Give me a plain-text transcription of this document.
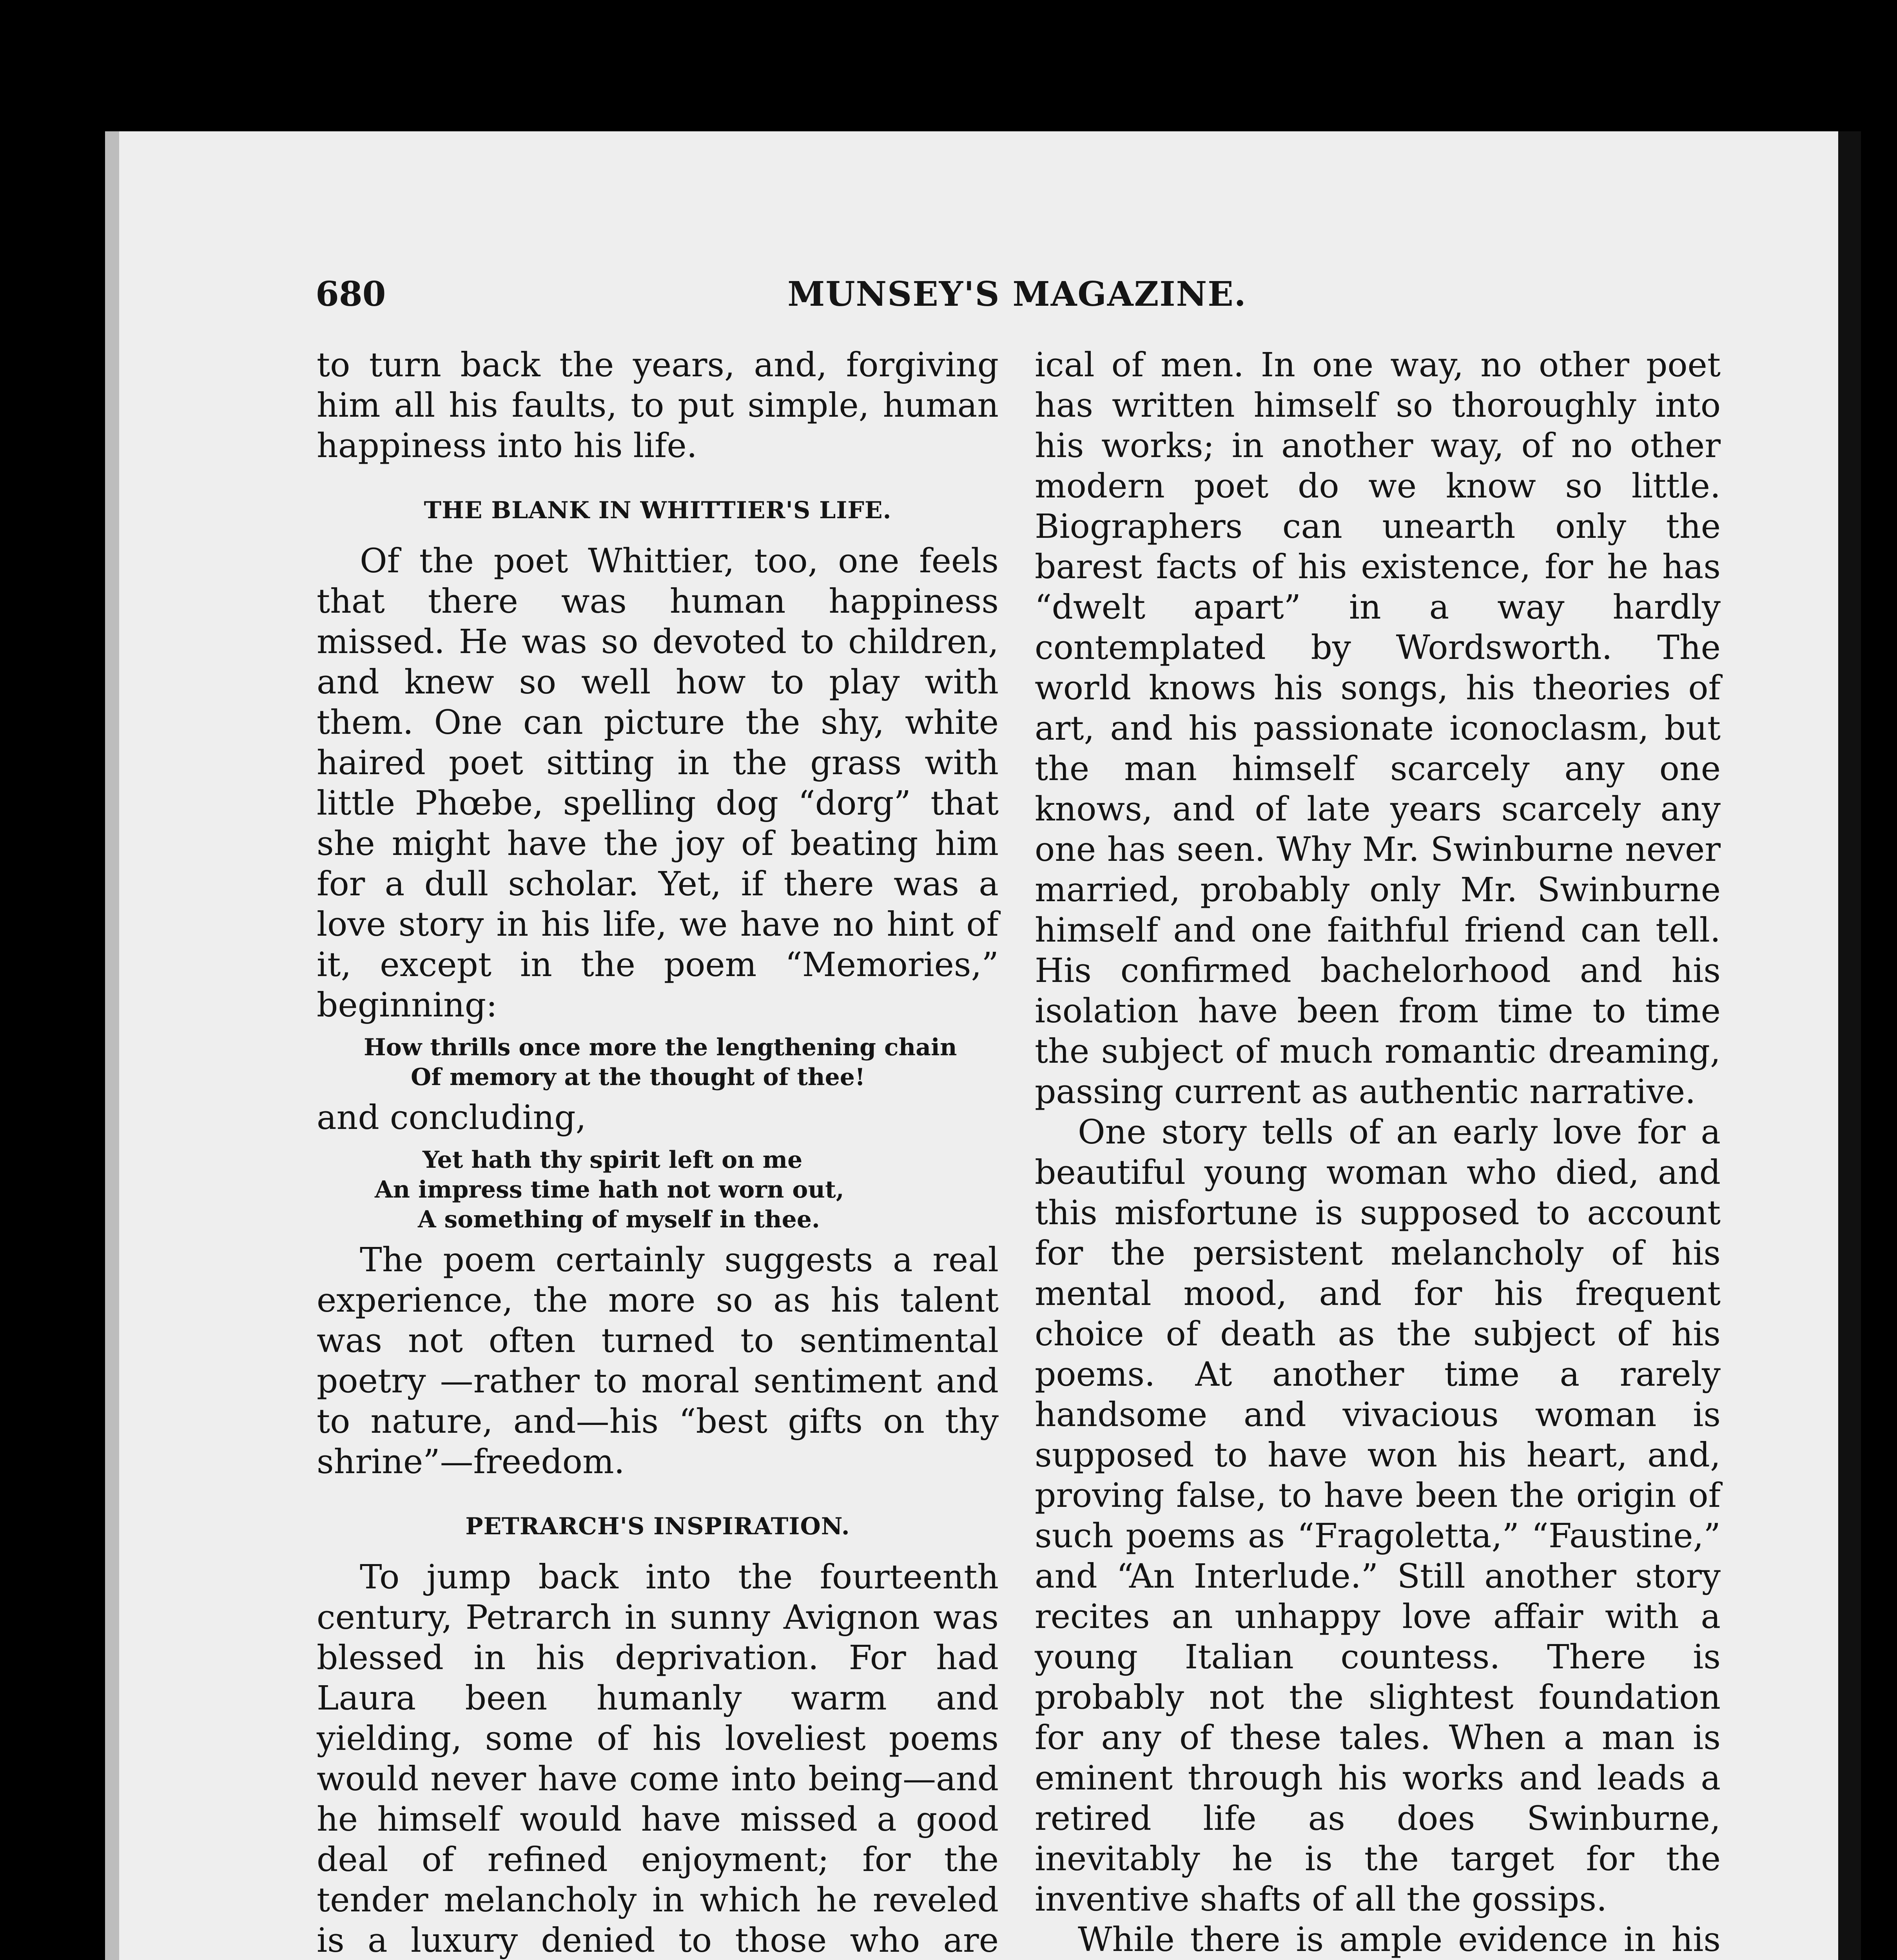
680	MUNSEY'S MAGAZINE.

to turn back the years, and, forgiving him all his faults, to put simple, human happiness into his life.

THE BLANK IN WHITTIER'S LIFE.

Of the poet Whittier, too, one feels that there was human happiness missed. He was so devoted to children, and knew so well how to play with them. One can picture the shy, white haired poet sitting in the grass with little Phœbe, spelling dog “dorg” that she might have the joy of beating him for a dull scholar. Yet, if there was a love story in his life, we have no hint of it, except in the poem “Memories,” beginning:

How thrills once more the lengthening chain
Of memory at the thought of thee!

and concluding,

Yet hath thy spirit left on me
An impress time hath not worn out,
A something of myself in thee.

The poem certainly suggests a real experience, the more so as his talent was not often turned to sentimental poetry —rather to moral sentiment and to nature, and—his “best gifts on thy shrine”—freedom.

PETRARCH'S INSPIRATION.

To jump back into the fourteenth century, Petrarch in sunny Avignon was blessed in his deprivation. For had Laura been humanly warm and yielding, some of his loveliest poems would never have come into being—and he himself would have missed a good deal of refined enjoyment; for the tender melancholy in which he reveled is a luxury denied to those who are

ical of men. In one way, no other poet has written himself so thoroughly into his works; in another way, of no other modern poet do we know so little. Biographers can unearth only the barest facts of his existence, for he has “dwelt apart” in a way hardly contemplated by Wordsworth. The world knows his songs, his theories of art, and his passionate iconoclasm, but the man himself scarcely any one knows, and of late years scarcely any one has seen. Why Mr. Swinburne never married, probably only Mr. Swinburne himself and one faithful friend can tell. His confirmed bachelorhood and his isolation have been from time to time the subject of much romantic dreaming, passing current as authentic narrative.

One story tells of an early love for a beautiful young woman who died, and this misfortune is supposed to account for the persistent melancholy of his mental mood, and for his frequent choice of death as the subject of his poems. At another time a rarely handsome and vivacious woman is supposed to have won his heart, and, proving false, to have been the origin of such poems as “Fragoletta,” “Faustine,” and “An Interlude.” Still another story recites an unhappy love affair with a young Italian countess. There is probably not the slightest foundation for any of these tales. When a man is eminent through his works and leads a retired life as does Swinburne, inevitably he is the target for the inventive shafts of all the gossips.

While there is ample evidence in his
